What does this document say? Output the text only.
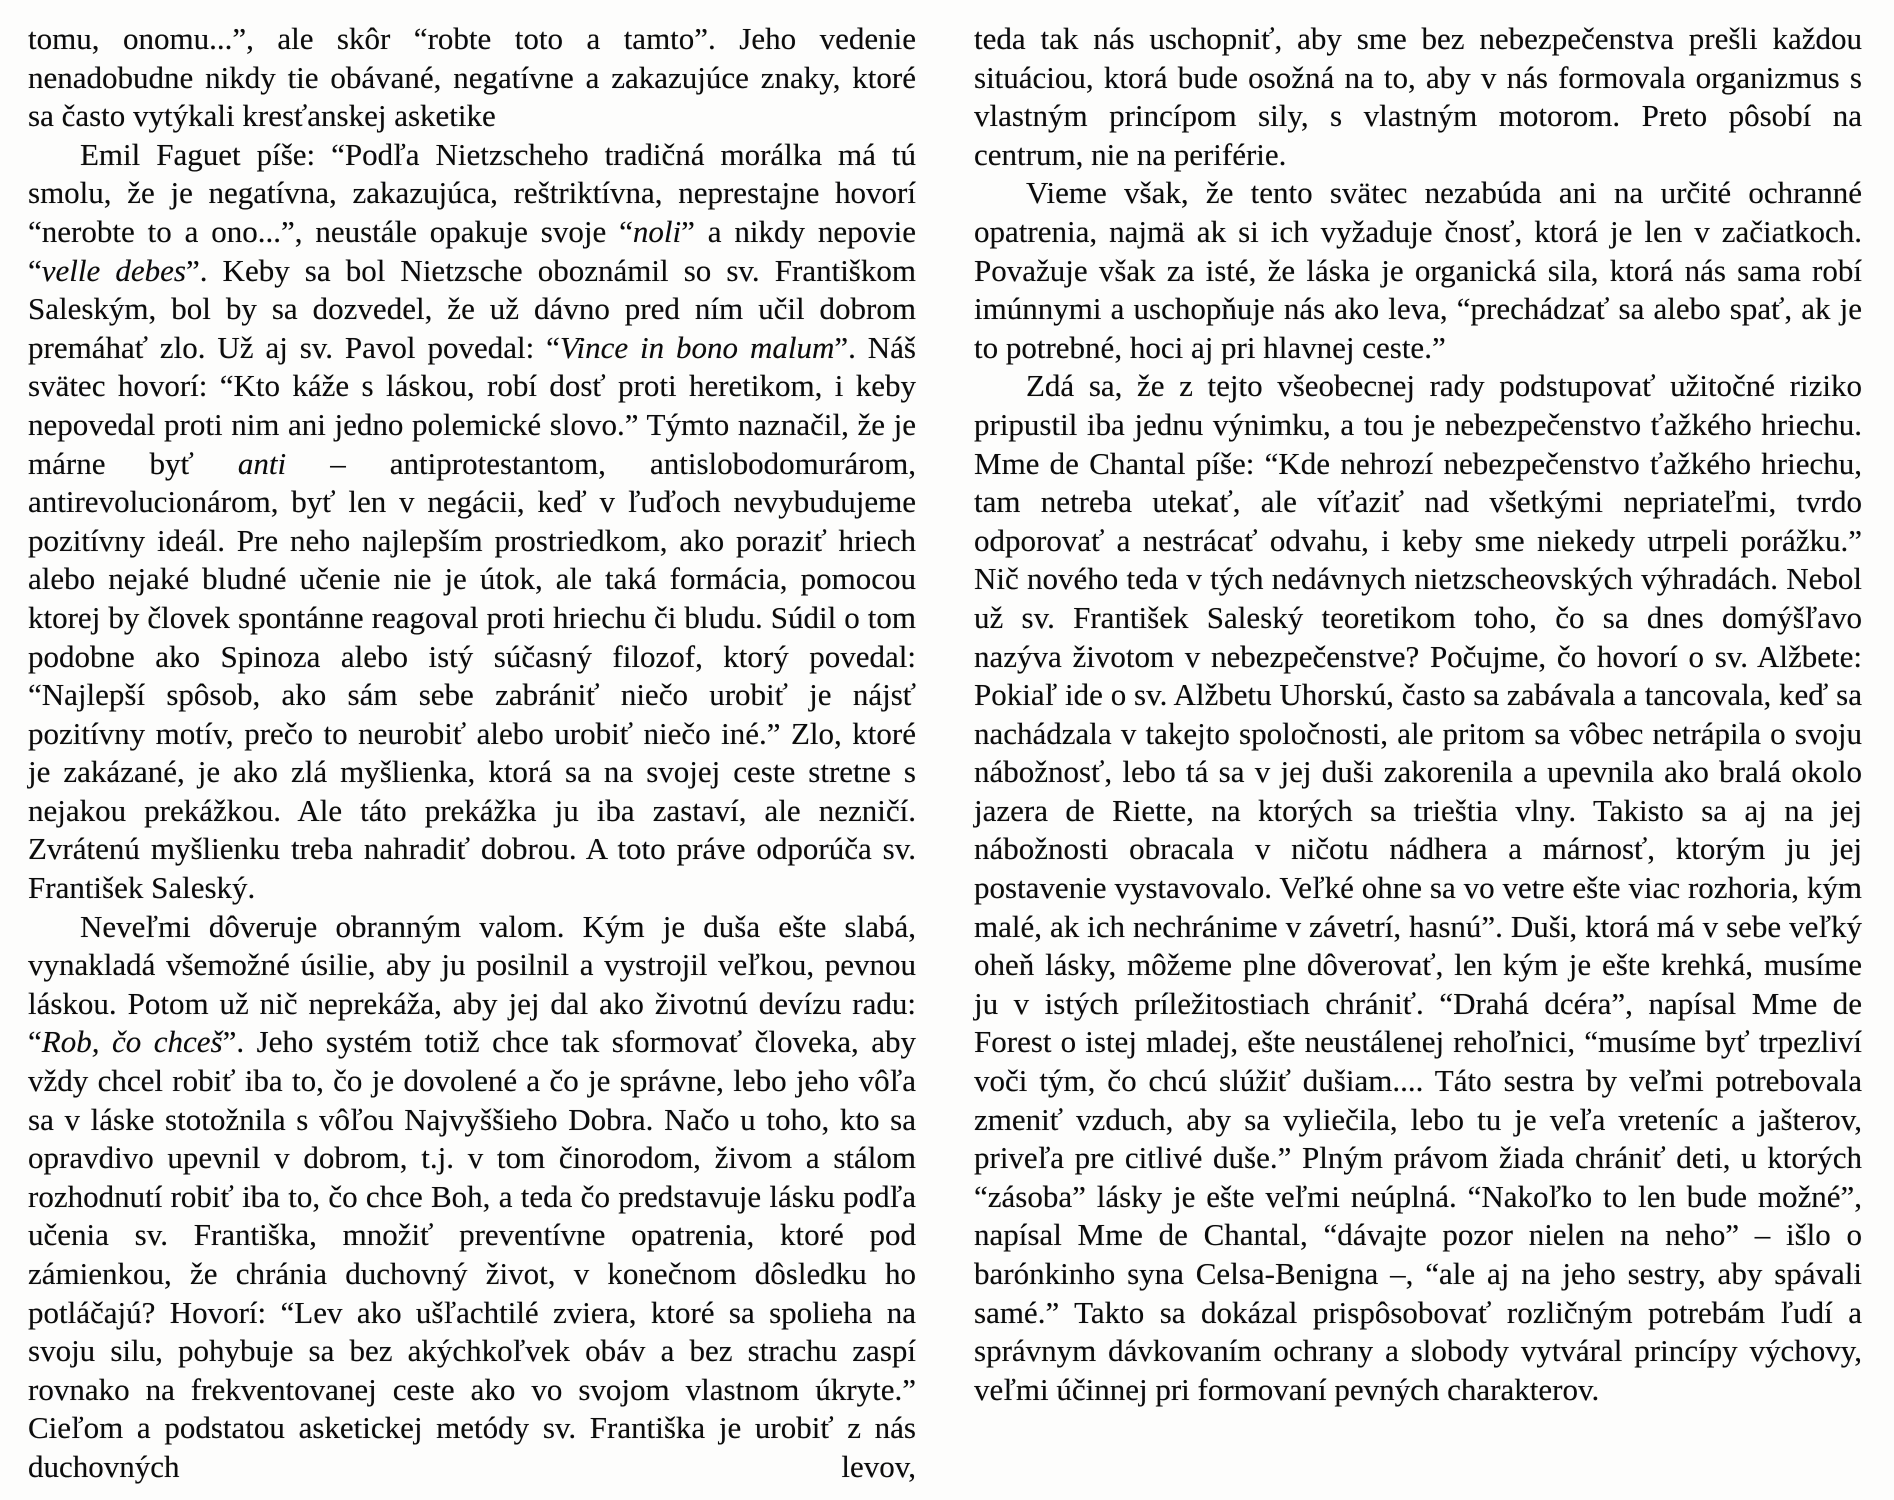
tomu, onomu...”, ale skôr “robte toto a tamto”. Jeho vedenie nenadobudne nikdy tie obávané, negatívne a zakazujúce znaky, ktoré sa často vytýkali kresťanskej asketike

Emil Faguet píše: “Podľa Nietzscheho tradičná morálka má tú smolu, že je negatívna, zakazujúca, reštriktívna, neprestajne hovorí “nerobte to a ono...”, neustále opakuje svoje “noli” a nikdy nepovie “velle debes”. Keby sa bol Nietzsche oboznámil so sv. Františkom Saleským, bol by sa dozvedel, že už dávno pred ním učil dobrom premáhať zlo. Už aj sv. Pavol povedal: “Vince in bono malum”. Náš svätec hovorí: “Kto káže s láskou, robí dosť proti heretikom, i keby nepovedal proti nim ani jedno polemické slovo.” Týmto naznačil, že je márne byť anti – antiprotestantom, antislobodomurárom, antirevolucionárom, byť len v negácii, keď v ľuďoch nevybudujeme pozitívny ideál. Pre neho najlepším prostriedkom, ako poraziť hriech alebo nejaké bludné učenie nie je útok, ale taká formácia, pomocou ktorej by človek spontánne reagoval proti hriechu či bludu. Súdil o tom podobne ako Spinoza alebo istý súčasný filozof, ktorý povedal: “Najlepší spôsob, ako sám sebe zabrániť niečo urobiť je nájsť pozitívny motív, prečo to neurobiť alebo urobiť niečo iné.” Zlo, ktoré je zakázané, je ako zlá myšlienka, ktorá sa na svojej ceste stretne s nejakou prekážkou. Ale táto prekážka ju iba zastaví, ale nezničí. Zvrátenú myšlienku treba nahradiť dobrou. A toto práve odporúča sv. František Saleský.

Neveľmi dôveruje obranným valom. Kým je duša ešte slabá, vynakladá všemožné úsilie, aby ju posilnil a vystrojil veľkou, pevnou láskou. Potom už nič neprekáža, aby jej dal ako životnú devízu radu: “Rob, čo chceš”. Jeho systém totiž chce tak sformovať človeka, aby vždy chcel robiť iba to, čo je dovolené a čo je správne, lebo jeho vôľa sa v láske stotožnila s vôľou Najvyššieho Dobra. Načo u toho, kto sa opravdivo upevnil v dobrom, t.j. v tom činorodom, živom a stálom rozhodnutí robiť iba to, čo chce Boh, a teda čo predstavuje lásku podľa učenia sv. Františka, množiť preventívne opatrenia, ktoré pod zámienkou, že chránia duchovný život, v konečnom dôsledku ho potláčajú? Hovorí: “Lev ako ušľachtilé zviera, ktoré sa spolieha na svoju silu, pohybuje sa bez akýchkoľvek obáv a bez strachu zaspí rovnako na frekventovanej ceste ako vo svojom vlastnom úkryte.” Cieľom a podstatou asketickej metódy sv. Františka je urobiť z nás duchovných levov,

teda tak nás uschopniť, aby sme bez nebezpečenstva prešli každou situáciou, ktorá bude osožná na to, aby v nás formovala organizmus s vlastným princípom sily, s vlastným motorom. Preto pôsobí na centrum, nie na periférie.

Vieme však, že tento svätec nezabúda ani na určité ochranné opatrenia, najmä ak si ich vyžaduje čnosť, ktorá je len v začiatkoch. Považuje však za isté, že láska je organická sila, ktorá nás sama robí imúnnymi a uschopňuje nás ako leva, “prechádzať sa alebo spať, ak je to potrebné, hoci aj pri hlavnej ceste.”

Zdá sa, že z tejto všeobecnej rady podstupovať užitočné riziko pripustil iba jednu výnimku, a tou je nebezpečenstvo ťažkého hriechu. Mme de Chantal píše: “Kde nehrozí nebezpečenstvo ťažkého hriechu, tam netreba utekať, ale víťaziť nad všetkými nepriateľmi, tvrdo odporovať a nestrácať odvahu, i keby sme niekedy utrpeli porážku.” Nič nového teda v tých nedávnych nietzscheovských výhradách. Nebol už sv. František Saleský teoretikom toho, čo sa dnes domýšľavo nazýva životom v nebezpečenstve? Počujme, čo hovorí o sv. Alžbete: Pokiaľ ide o sv. Alžbetu Uhorskú, často sa zabávala a tancovala, keď sa nachádzala v takejto spoločnosti, ale pritom sa vôbec netrápila o svoju nábožnosť, lebo tá sa v jej duši zakorenila a upevnila ako bralá okolo jazera de Riette, na ktorých sa trieštia vlny. Takisto sa aj na jej nábožnosti obracala v ničotu nádhera a márnosť, ktorým ju jej postavenie vystavovalo. Veľké ohne sa vo vetre ešte viac rozhoria, kým malé, ak ich nechránime v závetrí, hasnú”. Duši, ktorá má v sebe veľký oheň lásky, môžeme plne dôverovať, len kým je ešte krehká, musíme ju v istých príležitostiach chrániť. “Drahá dcéra”, napísal Mme de Forest o istej mladej, ešte neustálenej rehoľnici, “musíme byť trpezliví voči tým, čo chcú slúžiť dušiam.... Táto sestra by veľmi potrebovala zmeniť vzduch, aby sa vyliečila, lebo tu je veľa vreteníc a jašterov, priveľa pre citlivé duše.” Plným právom žiada chrániť deti, u ktorých “zásoba” lásky je ešte veľmi neúplná. “Nakoľko to len bude možné”, napísal Mme de Chantal, “dávajte pozor nielen na neho” – išlo o barónkinho syna Celsa-Benigna –, “ale aj na jeho sestry, aby spávali samé.” Takto sa dokázal prispôsobovať rozličným potrebám ľudí a správnym dávkovaním ochrany a slobody vytváral princípy výchovy, veľmi účinnej pri formovaní pevných charakterov.
